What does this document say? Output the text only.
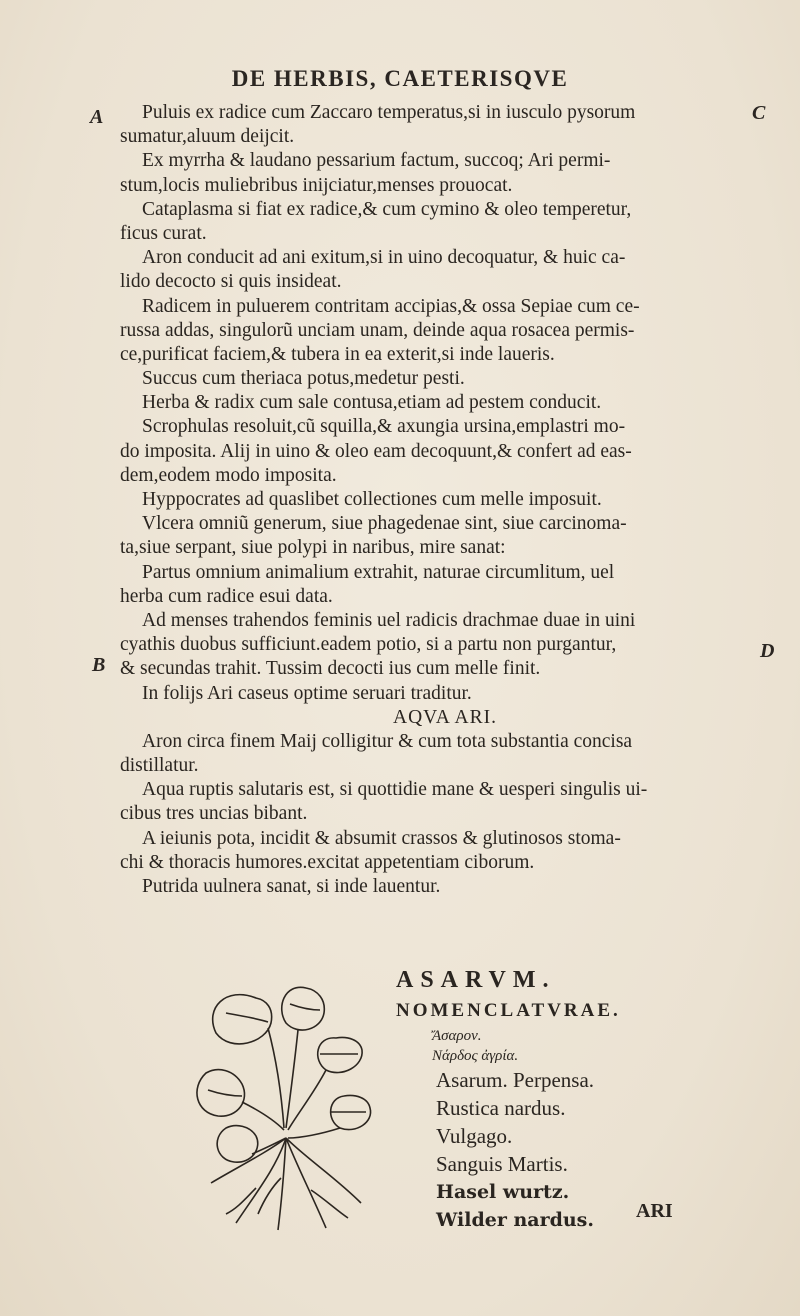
DE HERBIS, CAETERISQVE
A	C
B
D
Puluis ex radice cum Zaccaro temperatus,si in iusculo pysorum
sumatur,aluum deijcit.
Ex myrrha & laudano pessarium factum, succoq; Ari permi-
stum,locis muliebribus inijciatur,menses prouocat.
Cataplasma si fiat ex radice,& cum cymino & oleo temperetur,
ficus curat.
Aron conducit ad ani exitum,si in uino decoquatur, & huic ca-
lido decocto si quis insideat.
Radicem in puluerem contritam accipias,& ossa Sepiae cum ce-
russa addas, singulorũ unciam unam, deinde aqua rosacea permis-
ce,purificat faciem,& tubera in ea exterit,si inde laueris.
Succus cum theriaca potus,medetur pesti.
Herba & radix cum sale contusa,etiam ad pestem conducit.
Scrophulas resoluit,cũ squilla,& axungia ursina,emplastri mo-
do imposita. Alij in uino & oleo eam decoquunt,& confert ad eas-
dem,eodem modo imposita.
Hyppocrates ad quaslibet collectiones cum melle imposuit.
Vlcera omniũ generum, siue phagedenae sint, siue carcinoma-
ta,siue serpant, siue polypi in naribus, mire sanat:
Partus omnium animalium extrahit, naturae circumlitum, uel
herba cum radice esui data.
Ad menses trahendos feminis uel radicis drachmae duae in uini
cyathis duobus sufficiunt.eadem potio, si a partu non purgantur,
& secundas trahit. Tussim decocti ius cum melle finit.
In folijs Ari caseus optime seruari traditur.
AQVA ARI.
Aron circa finem Maij colligitur & cum tota substantia concisa
distillatur.
Aqua ruptis salutaris est, si quottidie mane & uesperi singulis ui-
cibus tres uncias bibant.
A ieiunis pota, incidit & absumit crassos & glutinosos stoma-
chi & thoracis humores.excitat appetentiam ciborum.
Putrida uulnera sanat, si inde lauentur.
ASARVM.
NOMENCLATVRAE.
Ἄσαρον.
Νάρδος ἀγρία.
Asarum. Perpensa.
Rustica nardus.
Vulgago.
Sanguis Martis.
Hasel wurtz.
Wilder nardus.	ARI
